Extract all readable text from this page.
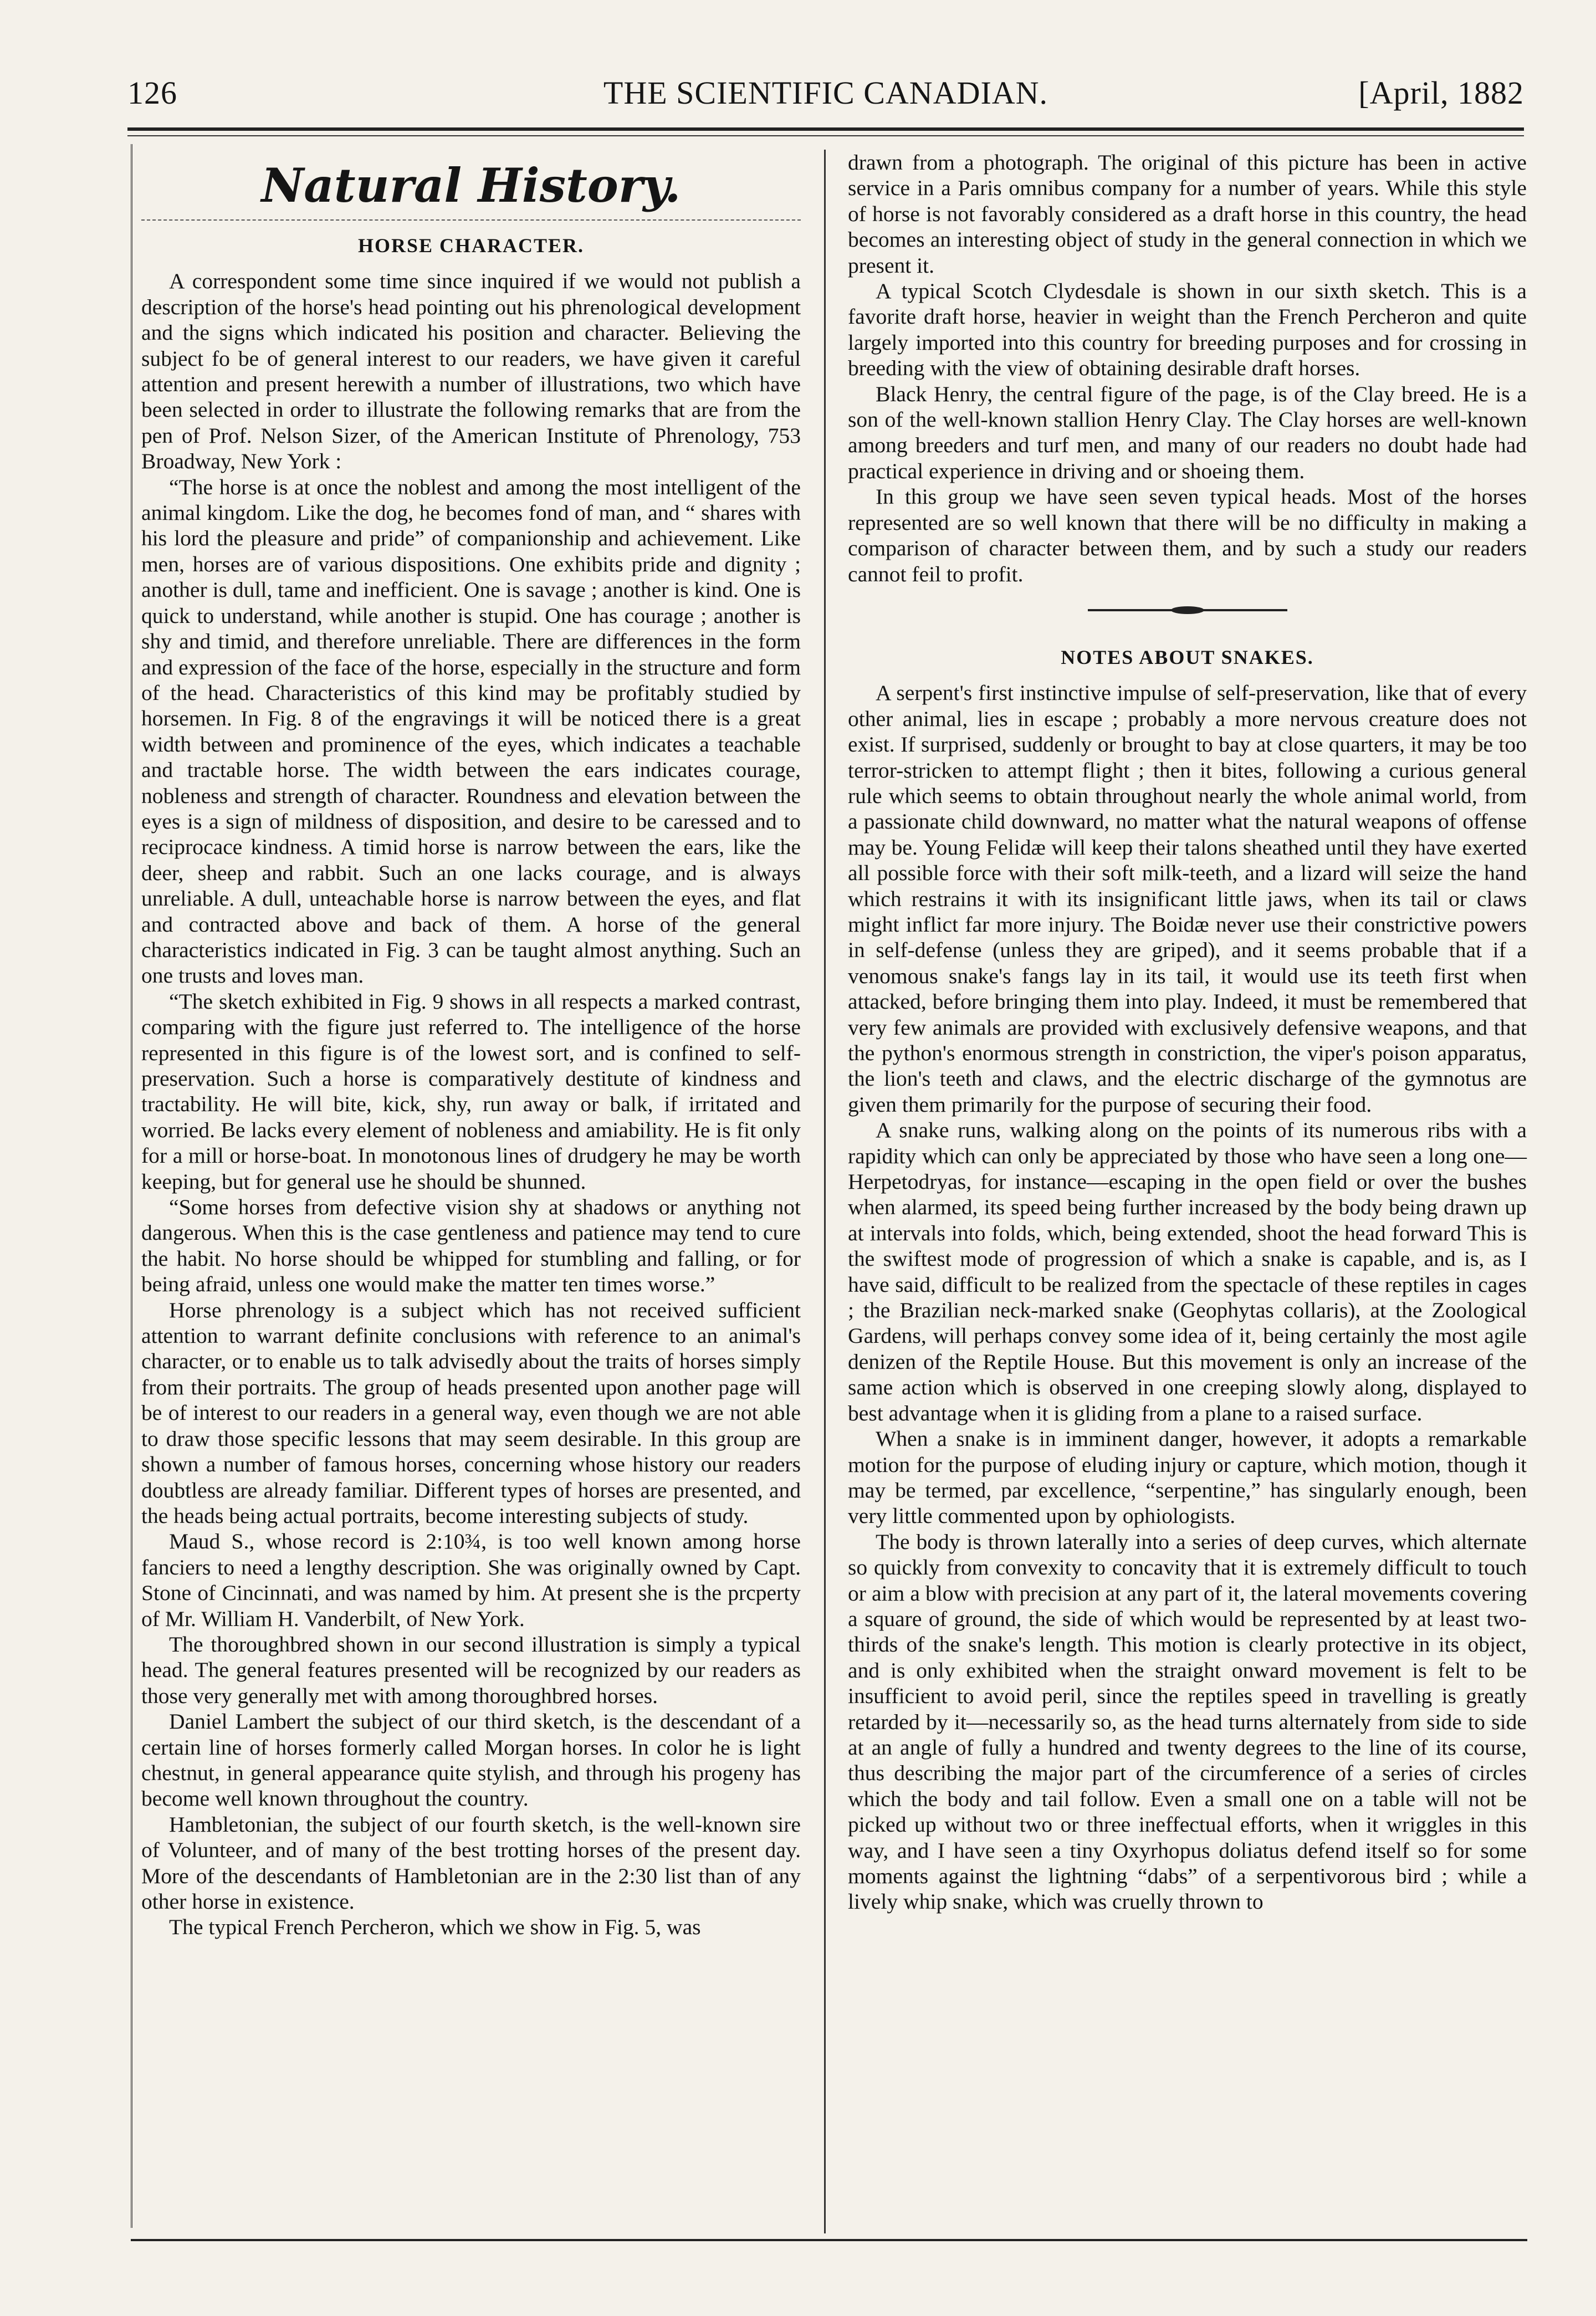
126	THE SCIENTIFIC CANADIAN.	[April, 1882
Natural History.
HORSE CHARACTER.

A correspondent some time since inquired if we would not publish a description of the horse's head pointing out his phrenological development and the signs which indicated his position and character. Believing the subject fo be of general interest to our readers, we have given it careful attention and present herewith a number of illustrations, two which have been selected in order to illustrate the following remarks that are from the pen of Prof. Nelson Sizer, of the American Institute of Phrenology, 753 Broadway, New York :

“The horse is at once the noblest and among the most intelligent of the animal kingdom. Like the dog, he becomes fond of man, and “ shares with his lord the pleasure and pride” of companionship and achievement. Like men, horses are of various dispositions. One exhibits pride and dignity ; another is dull, tame and inefficient. One is savage ; another is kind. One is quick to understand, while another is stupid. One has courage ; another is shy and timid, and therefore unreliable. There are differences in the form and expression of the face of the horse, especially in the structure and form of the head. Characteristics of this kind may be profitably studied by horsemen. In Fig. 8 of the engravings it will be noticed there is a great width between and prominence of the eyes, which indicates a teachable and tractable horse. The width between the ears indicates courage, nobleness and strength of character. Roundness and elevation between the eyes is a sign of mildness of disposition, and desire to be caressed and to reciprocace kindness. A timid horse is narrow between the ears, like the deer, sheep and rabbit. Such an one lacks courage, and is always unreliable. A dull, unteachable horse is narrow between the eyes, and flat and contracted above and back of them. A horse of the general characteristics indicated in Fig. 3 can be taught almost anything. Such an one trusts and loves man.

“The sketch exhibited in Fig. 9 shows in all respects a marked contrast, comparing with the figure just referred to. The intelligence of the horse represented in this figure is of the lowest sort, and is confined to self-preservation. Such a horse is comparatively destitute of kindness and tractability. He will bite, kick, shy, run away or balk, if irritated and worried. Be lacks every element of nobleness and amiability. He is fit only for a mill or horse-boat. In monotonous lines of drudgery he may be worth keeping, but for general use he should be shunned.

“Some horses from defective vision shy at shadows or anything not dangerous. When this is the case gentleness and patience may tend to cure the habit. No horse should be whipped for stumbling and falling, or for being afraid, unless one would make the matter ten times worse.”

Horse phrenology is a subject which has not received sufficient attention to warrant definite conclusions with reference to an animal's character, or to enable us to talk advisedly about the traits of horses simply from their portraits. The group of heads presented upon another page will be of interest to our readers in a general way, even though we are not able to draw those specific lessons that may seem desirable. In this group are shown a number of famous horses, concerning whose history our readers doubtless are already familiar. Different types of horses are presented, and the heads being actual portraits, become interesting subjects of study.

Maud S., whose record is 2:10¾, is too well known among horse fanciers to need a lengthy description. She was originally owned by Capt. Stone of Cincinnati, and was named by him. At present she is the prcperty of Mr. William H. Vanderbilt, of New York.

The thoroughbred shown in our second illustration is simply a typical head. The general features presented will be recognized by our readers as those very generally met with among thoroughbred horses.

Daniel Lambert the subject of our third sketch, is the descendant of a certain line of horses formerly called Morgan horses. In color he is light chestnut, in general appearance quite stylish, and through his progeny has become well known throughout the country.

Hambletonian, the subject of our fourth sketch, is the well-known sire of Volunteer, and of many of the best trotting horses of the present day. More of the descendants of Hambletonian are in the 2:30 list than of any other horse in existence.

The typical French Percheron, which we show in Fig. 5, was

drawn from a photograph. The original of this picture has been in active service in a Paris omnibus company for a number of years. While this style of horse is not favorably considered as a draft horse in this country, the head becomes an interesting object of study in the general connection in which we present it.

A typical Scotch Clydesdale is shown in our sixth sketch. This is a favorite draft horse, heavier in weight than the French Percheron and quite largely imported into this country for breeding purposes and for crossing in breeding with the view of obtaining desirable draft horses.

Black Henry, the central figure of the page, is of the Clay breed. He is a son of the well-known stallion Henry Clay. The Clay horses are well-known among breeders and turf men, and many of our readers no doubt hade had practical experience in driving and or shoeing them.

In this group we have seen seven typical heads. Most of the horses represented are so well known that there will be no difficulty in making a comparison of character between them, and by such a study our readers cannot feil to profit.

NOTES ABOUT SNAKES.

A serpent's first instinctive impulse of self-preservation, like that of every other animal, lies in escape ; probably a more nervous creature does not exist. If surprised, suddenly or brought to bay at close quarters, it may be too terror-stricken to attempt flight ; then it bites, following a curious general rule which seems to obtain throughout nearly the whole animal world, from a passionate child downward, no matter what the natural weapons of offense may be. Young Felidæ will keep their talons sheathed until they have exerted all possible force with their soft milk-teeth, and a lizard will seize the hand which restrains it with its insignificant little jaws, when its tail or claws might inflict far more injury. The Boidæ never use their constrictive powers in self-defense (unless they are griped), and it seems probable that if a venomous snake's fangs lay in its tail, it would use its teeth first when attacked, before bringing them into play. Indeed, it must be remembered that very few animals are provided with exclusively defensive weapons, and that the python's enormous strength in constriction, the viper's poison apparatus, the lion's teeth and claws, and the electric discharge of the gymnotus are given them primarily for the purpose of securing their food.

A snake runs, walking along on the points of its numerous ribs with a rapidity which can only be appreciated by those who have seen a long one—Herpetodryas, for instance—escaping in the open field or over the bushes when alarmed, its speed being further increased by the body being drawn up at intervals into folds, which, being extended, shoot the head forward This is the swiftest mode of progression of which a snake is capable, and is, as I have said, difficult to be realized from the spectacle of these reptiles in cages ; the Brazilian neck-marked snake (Geophytas collaris), at the Zoological Gardens, will perhaps convey some idea of it, being certainly the most agile denizen of the Reptile House. But this movement is only an increase of the same action which is observed in one creeping slowly along, displayed to best advantage when it is gliding from a plane to a raised surface.

When a snake is in imminent danger, however, it adopts a remarkable motion for the purpose of eluding injury or capture, which motion, though it may be termed, par excellence, “serpentine,” has singularly enough, been very little commented upon by ophiologists.

The body is thrown laterally into a series of deep curves, which alternate so quickly from convexity to concavity that it is extremely difficult to touch or aim a blow with precision at any part of it, the lateral movements covering a square of ground, the side of which would be represented by at least two-thirds of the snake's length. This motion is clearly protective in its object, and is only exhibited when the straight onward movement is felt to be insufficient to avoid peril, since the reptiles speed in travelling is greatly retarded by it—necessarily so, as the head turns alternately from side to side at an angle of fully a hundred and twenty degrees to the line of its course, thus describing the major part of the circumference of a series of circles which the body and tail follow. Even a small one on a table will not be picked up without two or three ineffectual efforts, when it wriggles in this way, and I have seen a tiny Oxyrhopus doliatus defend itself so for some moments against the lightning “dabs” of a serpentivorous bird ; while a lively whip snake, which was cruelly thrown to
